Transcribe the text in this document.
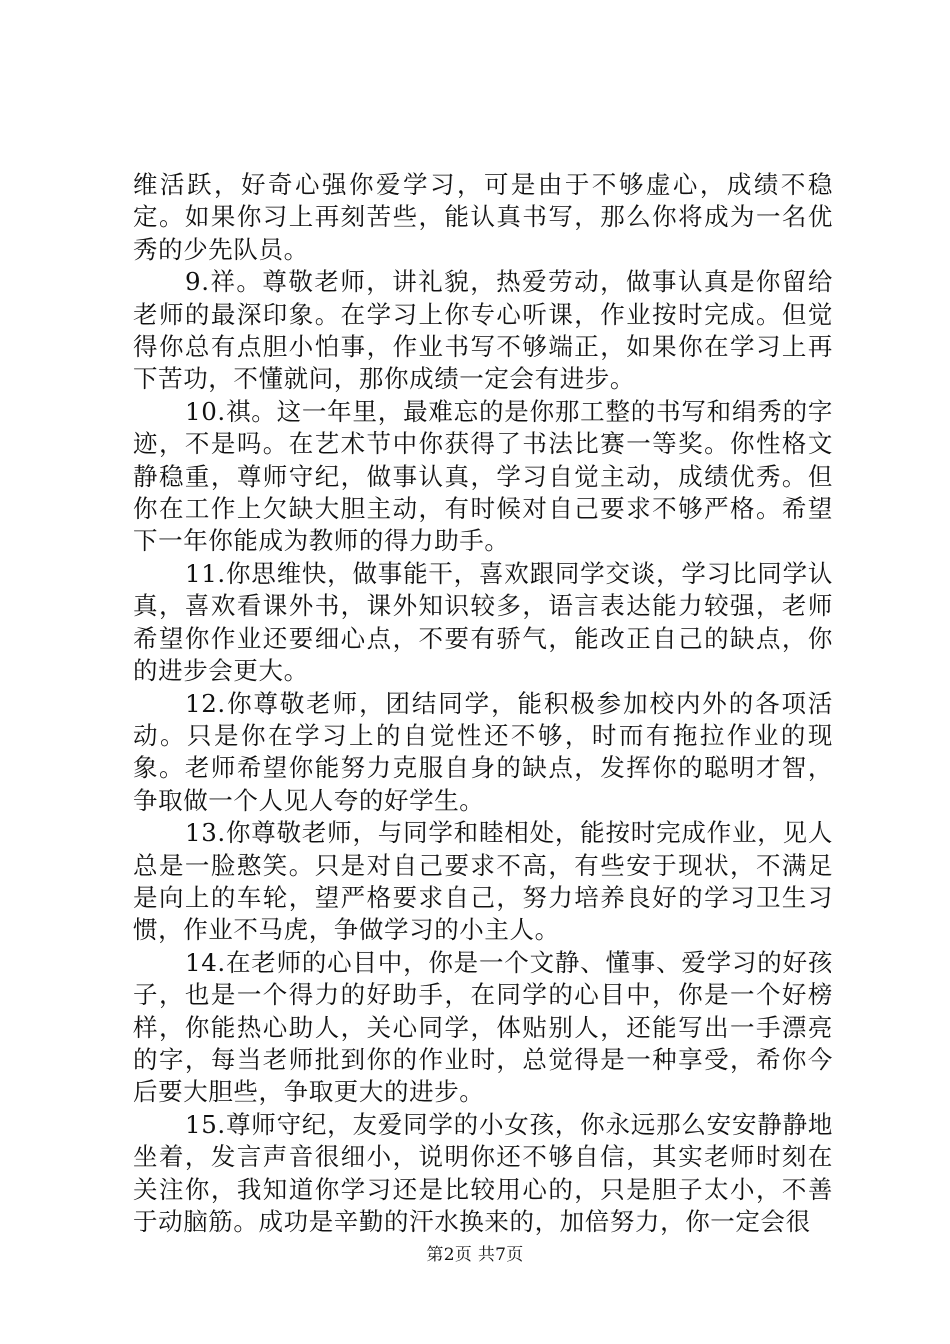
维活跃，好奇心强你爱学习，可是由于不够虚心，成绩不稳定。如果你习上再刻苦些，能认真书写，那么你将成为一名优秀的少先队员。

9.祥。尊敬老师，讲礼貌，热爱劳动，做事认真是你留给老师的最深印象。在学习上你专心听课，作业按时完成。但觉得你总有点胆小怕事，作业书写不够端正，如果你在学习上再下苦功，不懂就问，那你成绩一定会有进步。

10.祺。这一年里，最难忘的是你那工整的书写和绢秀的字迹，不是吗。在艺术节中你获得了书法比赛一等奖。你性格文静稳重，尊师守纪，做事认真，学习自觉主动，成绩优秀。但你在工作上欠缺大胆主动，有时候对自己要求不够严格。希望下一年你能成为教师的得力助手。

11.你思维快，做事能干，喜欢跟同学交谈，学习比同学认真，喜欢看课外书，课外知识较多，语言表达能力较强，老师希望你作业还要细心点，不要有骄气，能改正自己的缺点，你的进步会更大。

12.你尊敬老师，团结同学，能积极参加校内外的各项活动。只是你在学习上的自觉性还不够，时而有拖拉作业的现象。老师希望你能努力克服自身的缺点，发挥你的聪明才智，争取做一个人见人夸的好学生。

13.你尊敬老师，与同学和睦相处，能按时完成作业，见人总是一脸憨笑。只是对自己要求不高，有些安于现状，不满足是向上的车轮，望严格要求自己，努力培养良好的学习卫生习惯，作业不马虎，争做学习的小主人。

14.在老师的心目中，你是一个文静、懂事、爱学习的好孩子，也是一个得力的好助手，在同学的心目中，你是一个好榜样，你能热心助人，关心同学，体贴别人，还能写出一手漂亮的字，每当老师批到你的作业时，总觉得是一种享受，希你今后要大胆些，争取更大的进步。

15.尊师守纪，友爱同学的小女孩，你永远那么安安静静地坐着，发言声音很细小，说明你还不够自信，其实老师时刻在关注你，我知道你学习还是比较用心的，只是胆子太小，不善于动脑筋。成功是辛勤的汗水换来的，加倍努力，你一定会很

第2页 共7页
